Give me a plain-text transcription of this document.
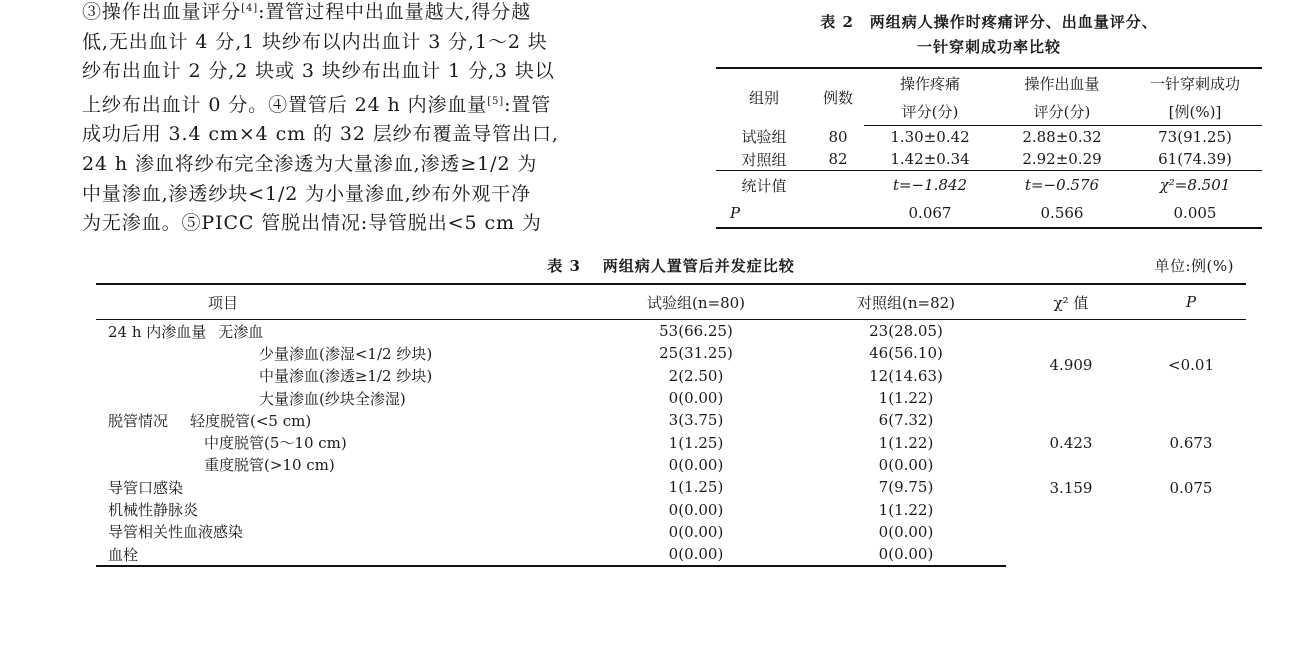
③操作出血量评分[4]:置管过程中出血量越大,得分越
低,无出血计 4 分,1 块纱布以内出血计 3 分,1～2 块
纱布出血计 2 分,2 块或 3 块纱布出血计 1 分,3 块以
上纱布出血计 0 分。④置管后 24 h 内渗血量[5]:置管
成功后用 3.4 cm×4 cm 的 32 层纱布覆盖导管出口,
24 h 渗血将纱布完全渗透为大量渗血,渗透≥1/2 为
中量渗血,渗透纱块<1/2 为小量渗血,纱布外观干净
为无渗血。⑤PICC 管脱出情况:导管脱出<5 cm 为
表 2 两组病人操作时疼痛评分、出血量评分、
一针穿刺成功率比较
组别	例数	操作疼痛	操作出血量	一针穿刺成功
		评分(分)	评分(分)	[例(%)]
试验组	80	1.30±0.42	2.88±0.32	73(91.25)
对照组	82	1.42±0.34	2.92±0.29	61(74.39)
统计值		t=−1.842	t=−0.576	χ²=8.501
P		0.067	0.566	0.005
表 3 两组病人置管后并发症比较	单位:例(%)
项目	试验组(n=80)	对照组(n=82)	χ² 值	P
24 h 内渗血量 无渗血	53(66.25)	23(28.05)	4.909	<0.01
少量渗血(渗湿<1/2 纱块)	25(31.25)	46(56.10)		
中量渗血(渗透≥1/2 纱块)	2(2.50)	12(14.63)		
大量渗血(纱块全渗湿)	0(0.00)	1(1.22)		
脱管情况 轻度脱管(<5 cm)	3(3.75)	6(7.32)	0.423	0.673
中度脱管(5～10 cm)	1(1.25)	1(1.22)		
重度脱管(>10 cm)	0(0.00)	0(0.00)		
导管口感染	1(1.25)	7(9.75)	3.159	0.075
机械性静脉炎	0(0.00)	1(1.22)		
导管相关性血液感染	0(0.00)	0(0.00)		
血栓	0(0.00)	0(0.00)		
